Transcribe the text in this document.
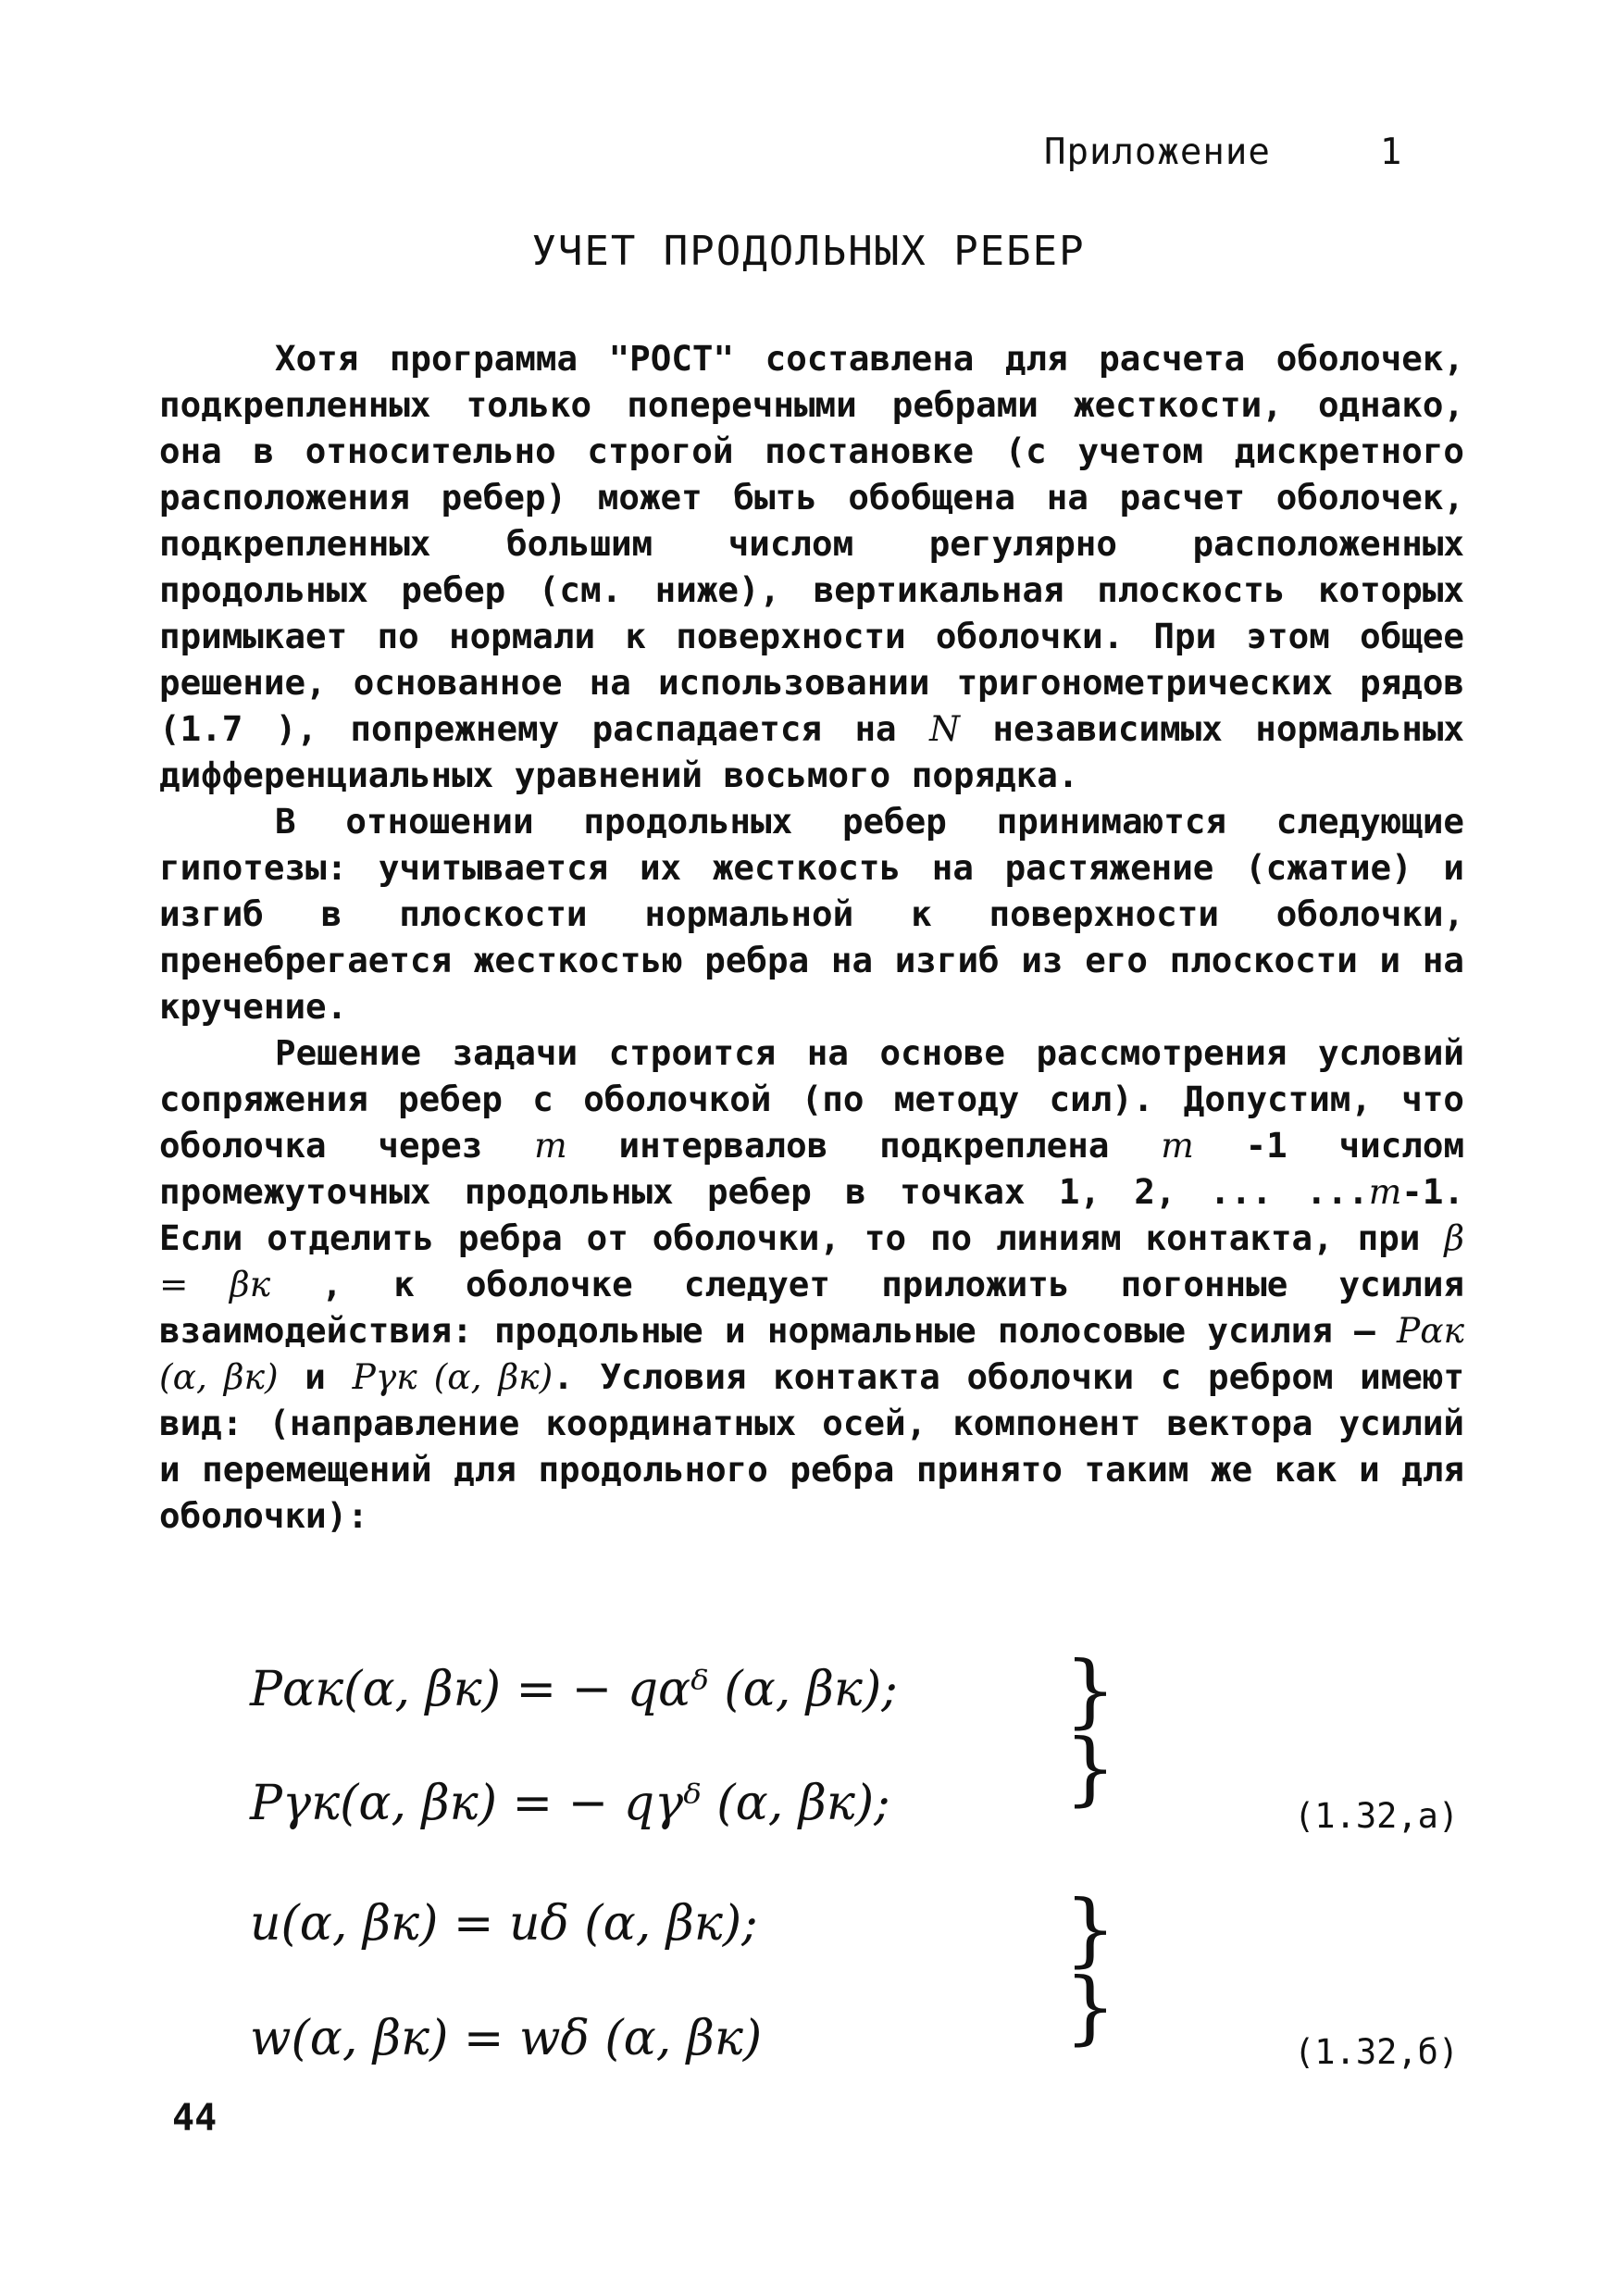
Приложение	1
УЧЕТ ПРОДОЛЬНЫХ РЕБЕР

Хотя программа "РОСТ" составлена для расчета оболочек, подкрепленных только поперечными ребрами жесткости, однако, она в относительно строгой постановке (с учетом дискретного расположения ребер) может быть обобщена на расчет оболочек, подкрепленных большим числом регулярно расположенных продольных ребер (см. ниже), вертикальная плоскость которых примыкает по нормали к поверхности оболочки. При этом общее решение, основанное на использовании тригонометрических рядов (1.7 ), попрежнему распадается на N независимых нормальных дифференциальных уравнений восьмого порядка.

В отношении продольных ребер принимаются следующие гипотезы: учитывается их жесткость на растяжение (сжатие) и изгиб в плоскости нормальной к поверхности оболочки, пренебрегается жесткостью ребра на изгиб из его плоскости и на кручение.

Решение задачи строится на основе рассмотрения условий сопряжения ребер с оболочкой (по методу сил). Допустим, что оболочка через m интервалов подкреплена m -1 числом промежуточных продольных ребер в точках 1, 2, ... ...m-1. Если отделить ребра от оболочки, то по линиям контакта, при β = βк , к оболочке следует приложить погонные усилия взаимодействия: продольные и нормальные полосовые усилия – Pαк (α, βк) и Pγк (α, βк). Условия контакта оболочки с ребром имеют вид: (направление координатных осей, компонент вектора усилий и перемещений для продольного ребра принято таким же как и для оболочки):

Pαк(α, βк) = − qαᵟ (α, βк);
Pγк(α, βк) = − qγᵟ (α, βк);
}
}
(1.32,а)
u(α, βк) = uδ (α, βк);
w(α, βк) = wδ (α, βк)
}
}	(1.32,б)
44
